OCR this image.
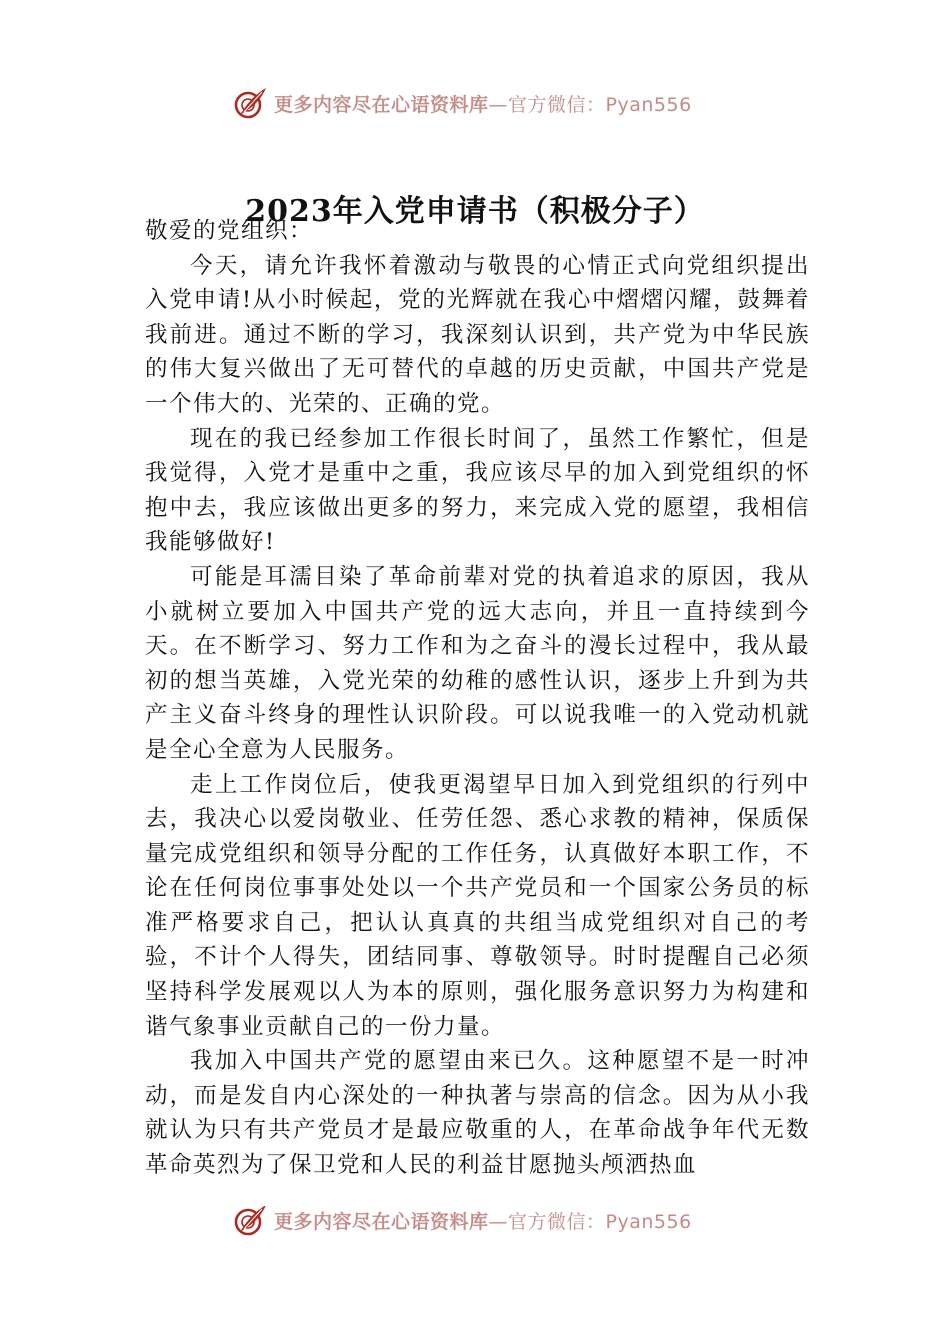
更多内容尽在心语资料库—官方微信：Pyan556
2023年入党申请书（积极分子）

敬爱的党组织：

今天，请允许我怀着激动与敬畏的心情正式向党组织提出入党申请!从小时候起，党的光辉就在我心中熠熠闪耀，鼓舞着我前进。通过不断的学习，我深刻认识到，共产党为中华民族的伟大复兴做出了无可替代的卓越的历史贡献，中国共产党是一个伟大的、光荣的、正确的党。

现在的我已经参加工作很长时间了，虽然工作繁忙，但是我觉得，入党才是重中之重，我应该尽早的加入到党组织的怀抱中去，我应该做出更多的努力，来完成入党的愿望，我相信我能够做好!

可能是耳濡目染了革命前辈对党的执着追求的原因，我从小就树立要加入中国共产党的远大志向，并且一直持续到今天。在不断学习、努力工作和为之奋斗的漫长过程中，我从最初的想当英雄，入党光荣的幼稚的感性认识，逐步上升到为共产主义奋斗终身的理性认识阶段。可以说我唯一的入党动机就是全心全意为人民服务。

走上工作岗位后，使我更渴望早日加入到党组织的行列中去，我决心以爱岗敬业、任劳任怨、悉心求教的精神，保质保量完成党组织和领导分配的工作任务，认真做好本职工作，不论在任何岗位事事处处以一个共产党员和一个国家公务员的标准严格要求自己，把认认真真的共组当成党组织对自己的考验，不计个人得失，团结同事、尊敬领导。时时提醒自己必须坚持科学发展观以人为本的原则，强化服务意识努力为构建和谐气象事业贡献自己的一份力量。

我加入中国共产党的愿望由来已久。这种愿望不是一时冲动，而是发自内心深处的一种执著与崇高的信念。因为从小我就认为只有共产党员才是最应敬重的人，在革命战争年代无数革命英烈为了保卫党和人民的利益甘愿抛头颅洒热血

更多内容尽在心语资料库—官方微信：Pyan556
